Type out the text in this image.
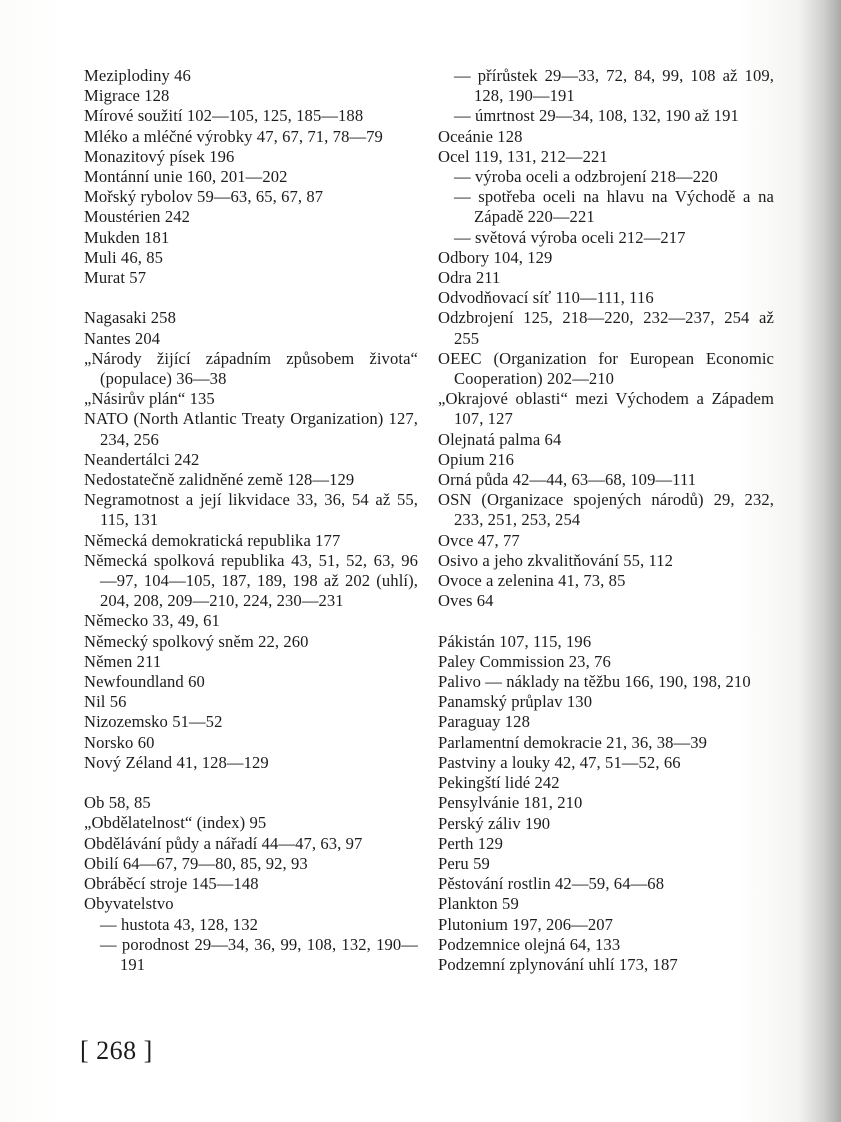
Meziplodiny 46
Migrace 128
Mírové soužití 102—105, 125, 185—188
Mléko a mléčné výrobky 47, 67, 71, 78—79
Monazitový písek 196
Montánní unie 160, 201—202
Mořský rybolov 59—63, 65, 67, 87
Moustérien 242
Mukden 181
Muli 46, 85
Murat 57
Nagasaki 258
Nantes 204
„Národy žijící západním způsobem života“ (populace) 36—38
„Násirův plán“ 135
NATO (North Atlantic Treaty Organization) 127, 234, 256
Neandertálci 242
Nedostatečně zalidněné země 128—129
Negramotnost a její likvidace 33, 36, 54 až 55, 115, 131
Německá demokratická republika 177
Německá spolková republika 43, 51, 52, 63, 96—97, 104—105, 187, 189, 198 až 202 (uhlí), 204, 208, 209—210, 224, 230—231
Německo 33, 49, 61
Německý spolkový sněm 22, 260
Němen 211
Newfoundland 60
Nil 56
Nizozemsko 51—52
Norsko 60
Nový Zéland 41, 128—129
Ob 58, 85
„Obdělatelnost“ (index) 95
Obdělávání půdy a nářadí 44—47, 63, 97
Obilí 64—67, 79—80, 85, 92, 93
Obráběcí stroje 145—148
Obyvatelstvo
— hustota 43, 128, 132
— porodnost 29—34, 36, 99, 108, 132, 190—191
— přírůstek 29—33, 72, 84, 99, 108 až 109, 128, 190—191
— úmrtnost 29—34, 108, 132, 190 až 191
Oceánie 128
Ocel 119, 131, 212—221
— výroba oceli a odzbrojení 218—220
— spotřeba oceli na hlavu na Východě a na Západě 220—221
— světová výroba oceli 212—217
Odbory 104, 129
Odra 211
Odvodňovací síť 110—111, 116
Odzbrojení 125, 218—220, 232—237, 254 až 255
OEEC (Organization for European Economic Cooperation) 202—210
„Okrajové oblasti“ mezi Východem a Západem 107, 127
Olejnatá palma 64
Opium 216
Orná půda 42—44, 63—68, 109—111
OSN (Organizace spojených národů) 29, 232, 233, 251, 253, 254
Ovce 47, 77
Osivo a jeho zkvalitňování 55, 112
Ovoce a zelenina 41, 73, 85
Oves 64
Pákistán 107, 115, 196
Paley Commission 23, 76
Palivo — náklady na těžbu 166, 190, 198, 210
Panamský průplav 130
Paraguay 128
Parlamentní demokracie 21, 36, 38—39
Pastviny a louky 42, 47, 51—52, 66
Pekingští lidé 242
Pensylvánie 181, 210
Perský záliv 190
Perth 129
Peru 59
Pěstování rostlin 42—59, 64—68
Plankton 59
Plutonium 197, 206—207
Podzemnice olejná 64, 133
Podzemní zplynování uhlí 173, 187
[ 268 ]
